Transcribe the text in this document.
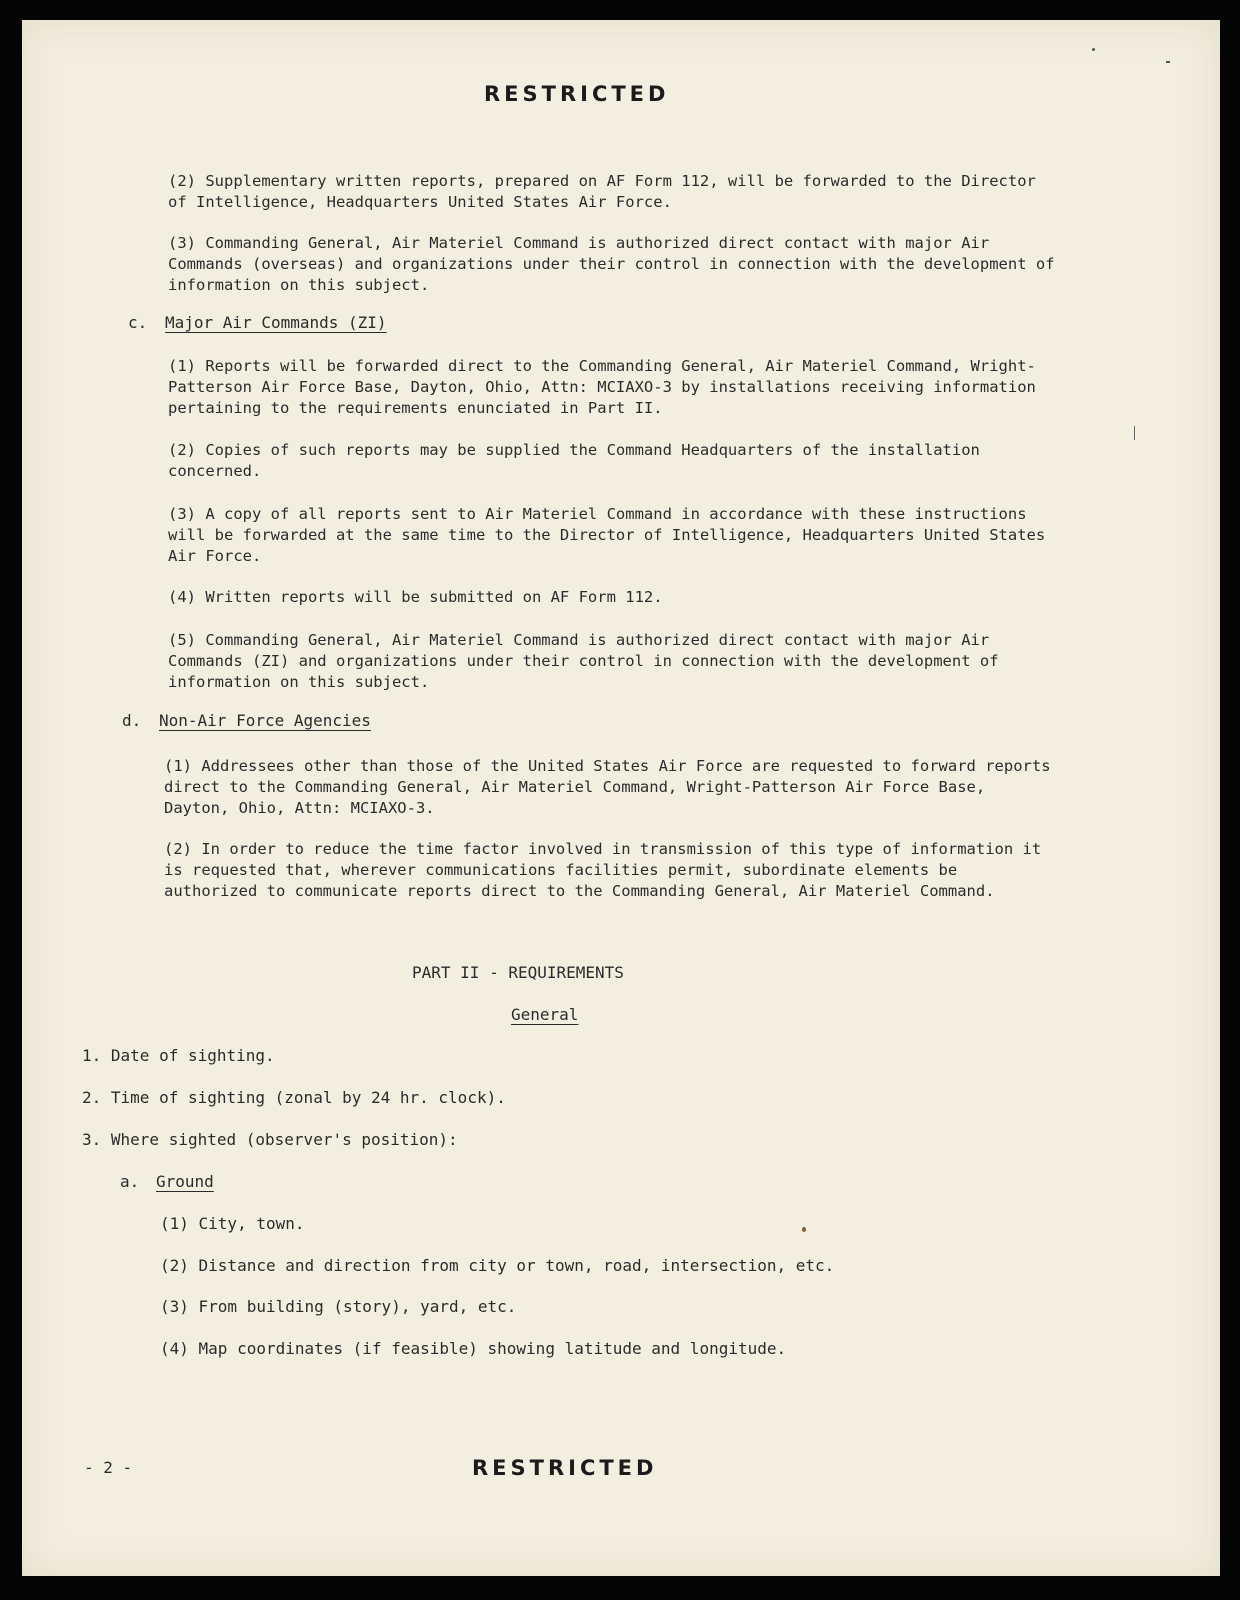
RESTRICTED
(2) Supplementary written reports, prepared on AF Form 112, will be forwarded to the Director of Intelligence, Headquarters United States Air Force.
(3) Commanding General, Air Materiel Command is authorized direct contact with major Air Commands (overseas) and organizations under their control in connection with the development of information on this subject.
c. Major Air Commands (ZI)
(1) Reports will be forwarded direct to the Commanding General, Air Materiel Command, Wright-Patterson Air Force Base, Dayton, Ohio, Attn: MCIAXO-3 by installations receiving information pertaining to the requirements enunciated in Part II.
(2) Copies of such reports may be supplied the Command Headquarters of the installation concerned.
(3) A copy of all reports sent to Air Materiel Command in accordance with these instructions will be forwarded at the same time to the Director of Intelligence, Headquarters United States Air Force.
(4) Written reports will be submitted on AF Form 112.
(5) Commanding General, Air Materiel Command is authorized direct contact with major Air Commands (ZI) and organizations under their control in connection with the development of information on this subject.
d. Non-Air Force Agencies
(1) Addressees other than those of the United States Air Force are requested to forward reports direct to the Commanding General, Air Materiel Command, Wright-Patterson Air Force Base, Dayton, Ohio, Attn: MCIAXO-3.
(2) In order to reduce the time factor involved in transmission of this type of information it is requested that, wherever communications facilities permit, subordinate elements be authorized to communicate reports direct to the Commanding General, Air Materiel Command.
PART II - REQUIREMENTS
General
1. Date of sighting.
2. Time of sighting (zonal by 24 hr. clock).
3. Where sighted (observer's position):
a. Ground
(1) City, town.
(2) Distance and direction from city or town, road, intersection, etc.
(3) From building (story), yard, etc.
(4) Map coordinates (if feasible) showing latitude and longitude.
- 2 -	RESTRICTED
